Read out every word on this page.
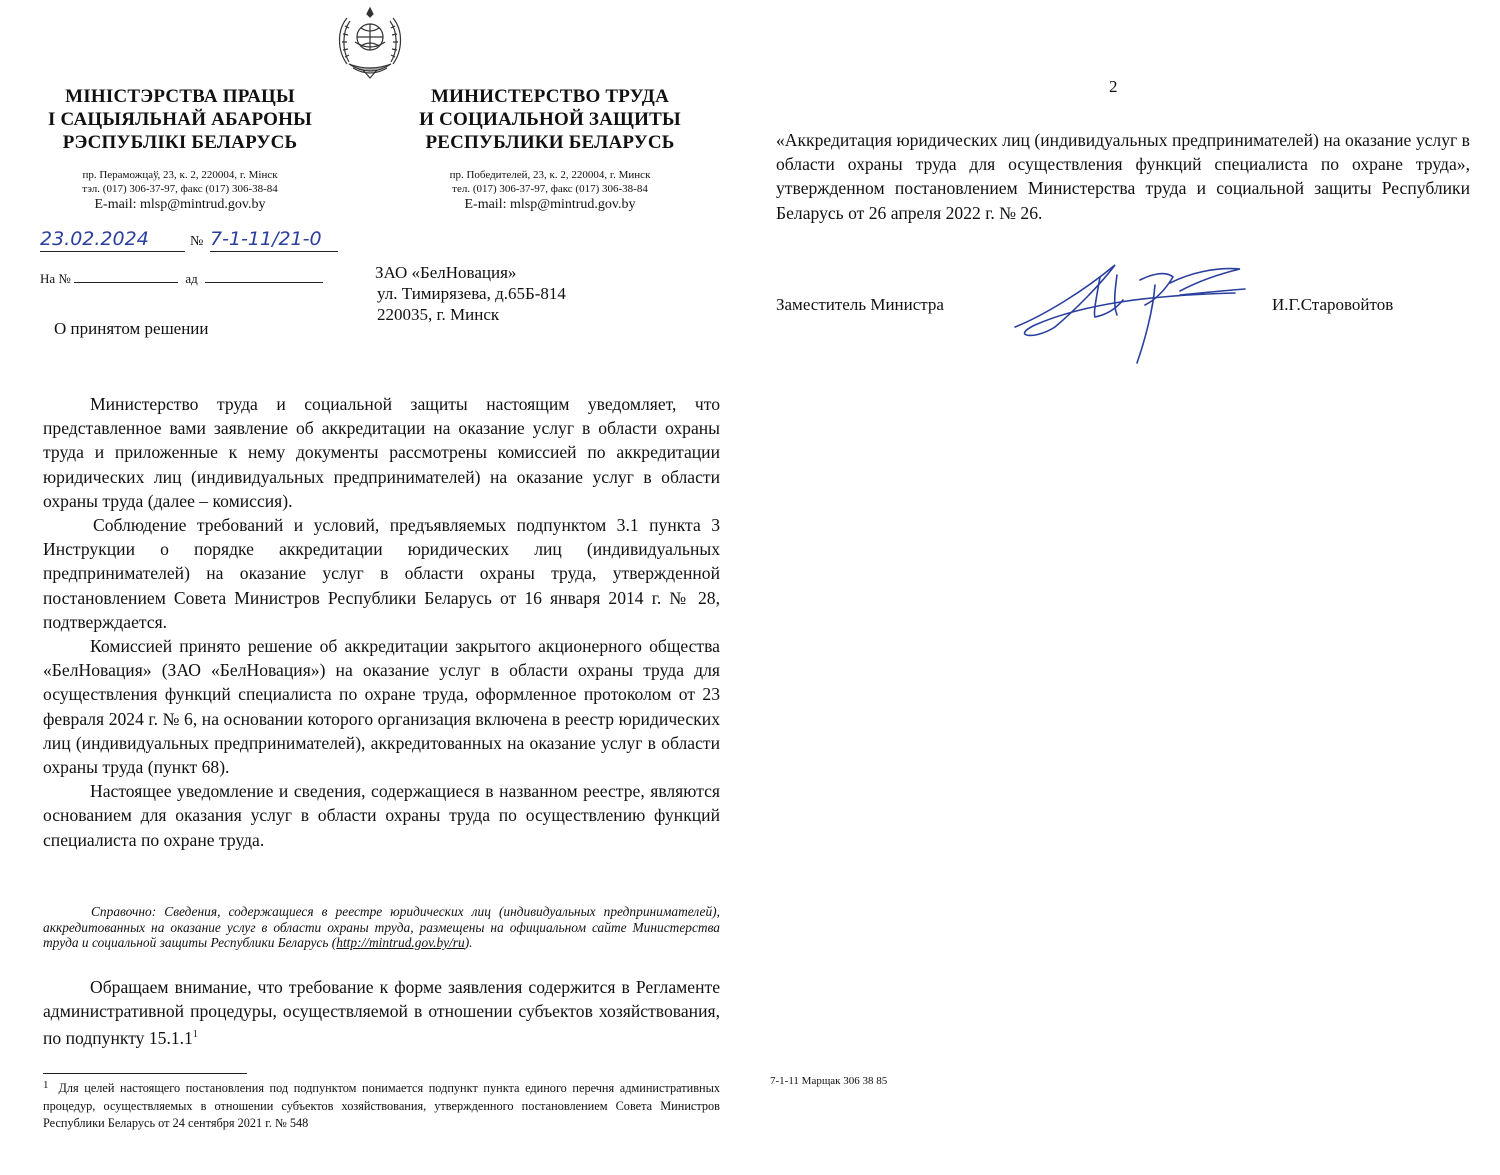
МІНІСТЭРСТВА ПРАЦЫ
І САЦЫЯЛЬНАЙ АБАРОНЫ
РЭСПУБЛІКІ БЕЛАРУСЬ
МИНИСТЕРСТВО ТРУДА
И СОЦИАЛЬНОЙ ЗАЩИТЫ
РЕСПУБЛИКИ БЕЛАРУСЬ
пр. Пераможцаў, 23, к. 2, 220004, г. Мінск
тэл. (017) 306-37-97, факс (017) 306-38-84
E-mail: mlsp@mintrud.gov.by
пр. Победителей, 23, к. 2, 220004, г. Минск
тел. (017) 306-37-97, факс (017) 306-38-84
E-mail: mlsp@mintrud.gov.by
23.02.2024	№ 7-1-11/21-0
На №	ад	ЗАО «БелНовация»
ул. Тимирязева, д.65Б-814
220035, г. Минск
О принятом решении

Министерство труда и социальной защиты настоящим уведомляет, что представленное вами заявление об аккредитации на оказание услуг в области охраны труда и приложенные к нему документы рассмотрены комиссией по аккредитации юридических лиц (индивидуальных предпринимателей) на оказание услуг в области охраны труда (далее – комиссия).

Соблюдение требований и условий, предъявляемых подпунктом 3.1 пункта 3 Инструкции о порядке аккредитации юридических лиц (индивидуальных предпринимателей) на оказание услуг в области охраны труда, утвержденной постановлением Совета Министров Республики Беларусь от 16 января 2014 г. № 28, подтверждается.

Комиссией принято решение об аккредитации закрытого акционерного общества «БелНовация» (ЗАО «БелНовация») на оказание услуг в области охраны труда для осуществления функций специалиста по охране труда, оформленное протоколом от 23 февраля 2024 г. № 6, на основании которого организация включена в реестр юридических лиц (индивидуальных предпринимателей), аккредитованных на оказание услуг в области охраны труда (пункт 68).

Настоящее уведомление и сведения, содержащиеся в названном реестре, являются основанием для оказания услуг в области охраны труда по осуществлению функций специалиста по охране труда.

Справочно: Сведения, содержащиеся в реестре юридических лиц (индивидуальных предпринимателей), аккредитованных на оказание услуг в области охраны труда, размещены на официальном сайте Министерства труда и социальной защиты Республики Беларусь (http://mintrud.gov.by/ru).

Обращаем внимание, что требование к форме заявления содержится в Регламенте административной процедуры, осуществляемой в отношении субъектов хозяйствования, по подпункту 15.1.1$^1$

1 Для целей настоящего постановления под подпунктом понимается подпункт пункта единого перечня административных процедур, осуществляемых в отношении субъектов хозяйствования, утвержденного постановлением Совета Министров Республики Беларусь от 24 сентября 2021 г. № 548
2

«Аккредитация юридических лиц (индивидуальных предпринимателей) на оказание услуг в области охраны труда для осуществления функций специалиста по охране труда», утвержденном постановлением Министерства труда и социальной защиты Республики Беларусь от 26 апреля 2022 г. № 26.

Заместитель Министра	И.Г.Старовойтов
7-1-11 Марщак 306 38 85
